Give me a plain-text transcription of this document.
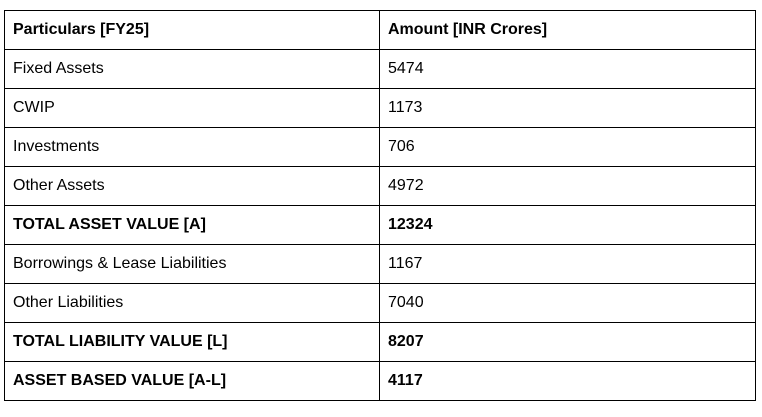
Particulars [FY25]	Amount [INR Crores]
Fixed Assets	5474
CWIP	1173
Investments	706
Other Assets	4972
TOTAL ASSET VALUE [A]	12324
Borrowings & Lease Liabilities	1167
Other Liabilities	7040
TOTAL LIABILITY VALUE [L]	8207
ASSET BASED VALUE [A-L]	4117
